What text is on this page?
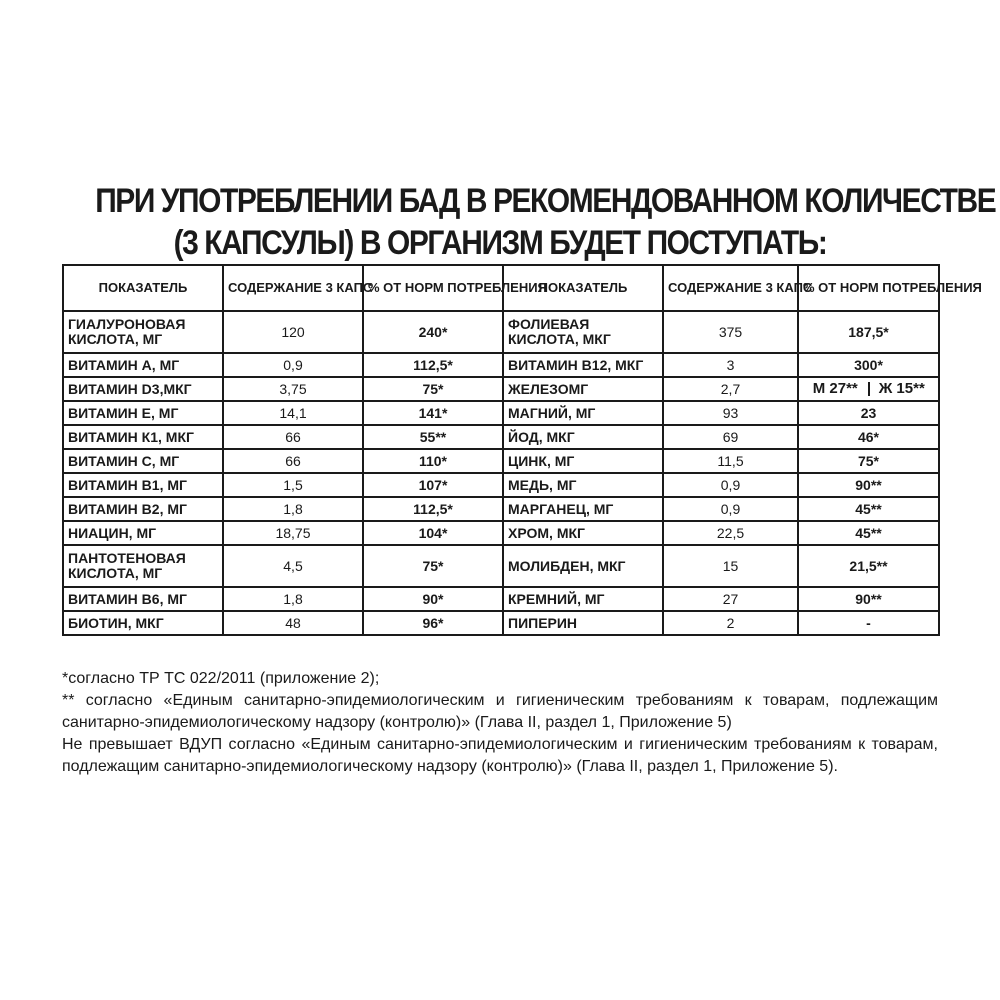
ПРИ УПОТРЕБЛЕНИИ БАД В РЕКОМЕНДОВАННОМ КОЛИЧЕСТВЕ
(3 КАПСУЛЫ) В ОРГАНИЗМ БУДЕТ ПОСТУПАТЬ:
ПОКАЗАТЕЛЬ	СОДЕРЖАНИЕ 3 КАПС	% ОТ НОРМ ПОТРЕБЛЕНИЯ	ПОКАЗАТЕЛЬ	СОДЕРЖАНИЕ 3 КАПС	% ОТ НОРМ ПОТРЕБЛЕНИЯ
ГИАЛУРОНОВАЯ КИСЛОТА, МГ	120	240*	ФОЛИЕВАЯ КИСЛОТА, МКГ	375	187,5*
ВИТАМИН А, МГ	0,9	112,5*	ВИТАМИН В12, МКГ	3	300*
ВИТАМИН D3,МКГ	3,75	75*	ЖЕЛЕЗОМГ	2,7	М 27** Ж 15**

ВИТАМИН Е, МГ	14,1	141*	МАГНИЙ, МГ	93	23
ВИТАМИН К1, МКГ	66	55**	ЙОД, МКГ	69	46*
ВИТАМИН С, МГ	66	110*	ЦИНК, МГ	11,5	75*
ВИТАМИН В1, МГ	1,5	107*	МЕДЬ, МГ	0,9	90**
ВИТАМИН В2, МГ	1,8	112,5*	МАРГАНЕЦ, МГ	0,9	45**
НИАЦИН, МГ	18,75	104*	ХРОМ, МКГ	22,5	45**
ПАНТОТЕНОВАЯ КИСЛОТА, МГ	4,5	75*	МОЛИБДЕН, МКГ	15	21,5**
ВИТАМИН В6, МГ	1,8	90*	КРЕМНИЙ, МГ	27	90**
БИОТИН, МКГ	48	96*	ПИПЕРИН	2	-

*согласно ТР ТС 022/2011 (приложение 2);

** согласно «Единым санитарно-эпидемиологическим и гигиеническим требованиям к товарам, подлежащим санитарно-эпидемиологическому надзору (контролю)» (Глава II, раздел 1, Приложение 5)

Не превышает ВДУП согласно «Единым санитарно-эпидемиологическим и гигиеническим требованиям к товарам, подлежащим санитарно-эпидемиологическому надзору (контролю)» (Глава II, раздел 1, Приложение 5).
